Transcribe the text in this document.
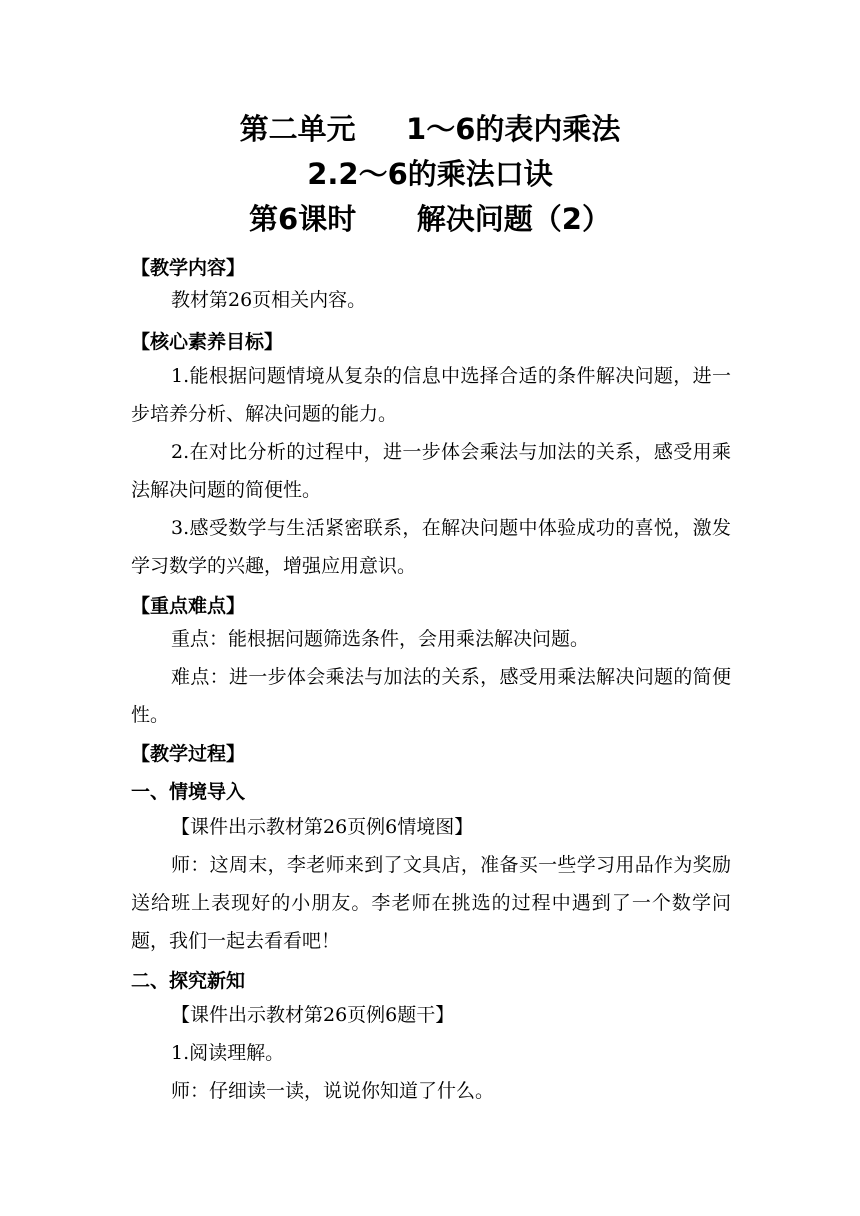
第二单元     1～6的表内乘法
2.2～6的乘法口诀
第6课时      解决问题（2）
【教学内容】

教材第26页相关内容。

【核心素养目标】

1.能根据问题情境从复杂的信息中选择合适的条件解决问题，进一步培养分析、解决问题的能力。

2.在对比分析的过程中，进一步体会乘法与加法的关系，感受用乘法解决问题的简便性。

3.感受数学与生活紧密联系，在解决问题中体验成功的喜悦，激发学习数学的兴趣，增强应用意识。

【重点难点】

重点：能根据问题筛选条件，会用乘法解决问题。

难点：进一步体会乘法与加法的关系，感受用乘法解决问题的简便性。

【教学过程】
一、情境导入

【课件出示教材第26页例6情境图】

师：这周末，李老师来到了文具店，准备买一些学习用品作为奖励送给班上表现好的小朋友。李老师在挑选的过程中遇到了一个数学问题，我们一起去看看吧！

二、探究新知

【课件出示教材第26页例6题干】

1.阅读理解。

师：仔细读一读，说说你知道了什么。
